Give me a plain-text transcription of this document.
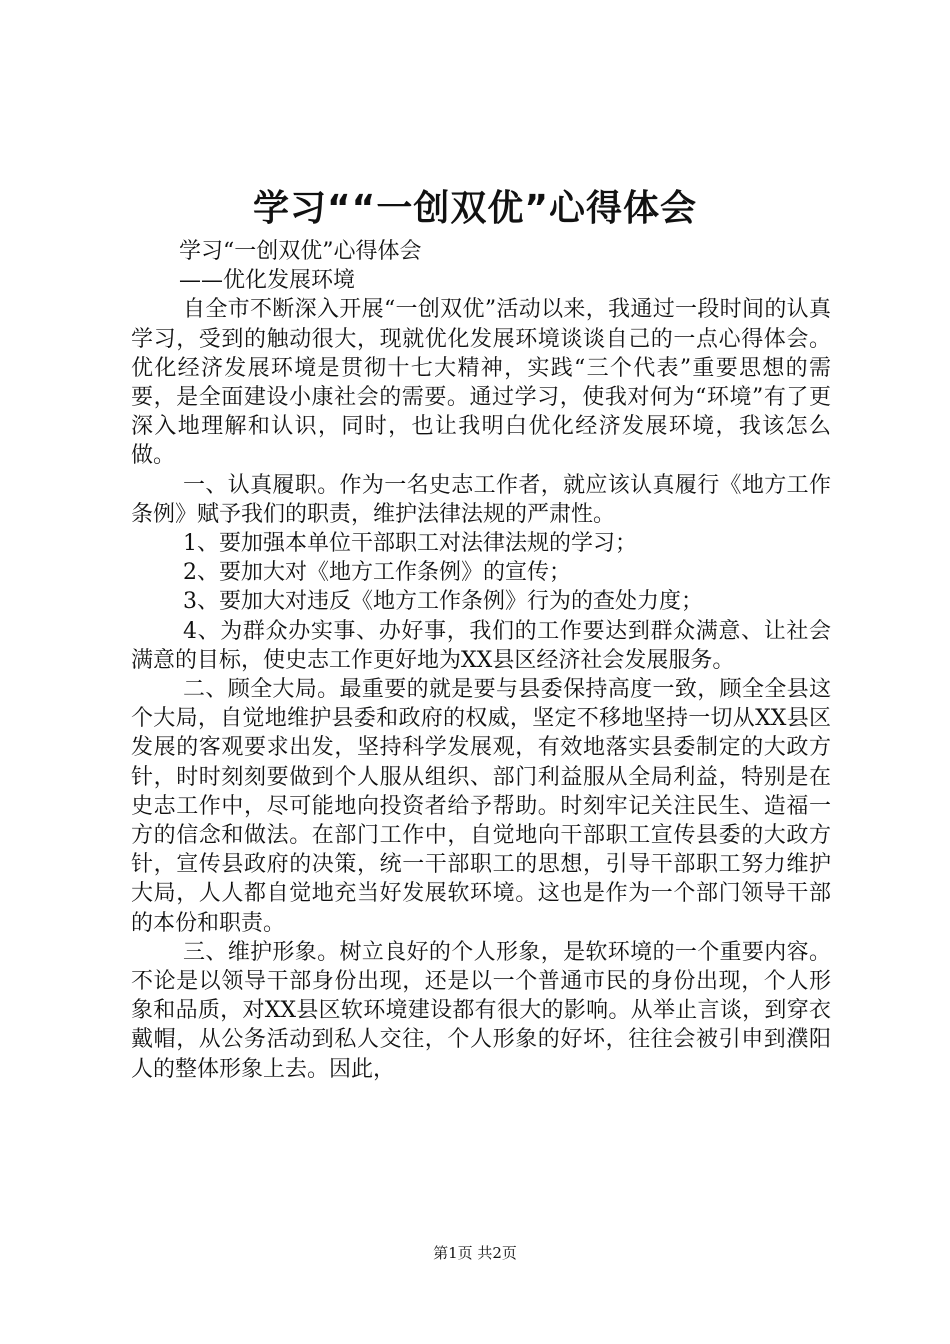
学习““一创双优”心得体会

学习“一创双优”心得体会

——优化发展环境

自全市不断深入开展“一创双优”活动以来，我通过一段时间的认真学习，受到的触动很大，现就优化发展环境谈谈自己的一点心得体会。优化经济发展环境是贯彻十七大精神，实践“三个代表”重要思想的需要，是全面建设小康社会的需要。通过学习，使我对何为“环境”有了更深入地理解和认识，同时，也让我明白优化经济发展环境，我该怎么做。

一、认真履职。作为一名史志工作者，就应该认真履行《地方工作条例》赋予我们的职责，维护法律法规的严肃性。

1、要加强本单位干部职工对法律法规的学习；

2、要加大对《地方工作条例》的宣传；

3、要加大对违反《地方工作条例》行为的查处力度；

4、为群众办实事、办好事，我们的工作要达到群众满意、让社会满意的目标，使史志工作更好地为XX县区经济社会发展服务。

二、顾全大局。最重要的就是要与县委保持高度一致，顾全全县这个大局，自觉地维护县委和政府的权威，坚定不移地坚持一切从XX县区发展的客观要求出发，坚持科学发展观，有效地落实县委制定的大政方针，时时刻刻要做到个人服从组织、部门利益服从全局利益，特别是在史志工作中，尽可能地向投资者给予帮助。时刻牢记关注民生、造福一方的信念和做法。在部门工作中，自觉地向干部职工宣传县委的大政方针，宣传县政府的决策，统一干部职工的思想，引导干部职工努力维护大局，人人都自觉地充当好发展软环境。这也是作为一个部门领导干部的本份和职责。

三、维护形象。树立良好的个人形象，是软环境的一个重要内容。不论是以领导干部身份出现，还是以一个普通市民的身份出现，个人形象和品质，对XX县区软环境建设都有很大的影响。从举止言谈，到穿衣戴帽，从公务活动到私人交往，个人形象的好坏，往往会被引申到濮阳人的整体形象上去。因此，

第1页 共2页
